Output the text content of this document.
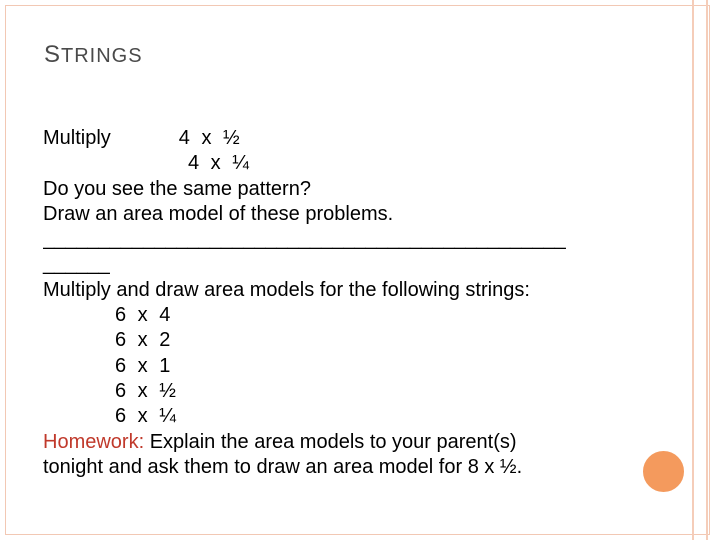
STRINGS
Multiply	4 x ½
4 x ¼
Do you see the same pattern?
Draw an area model of these problems.
_______________________________________________
______
Multiply and draw area models for the following strings:
6 x 4
6 x 2
6 x 1
6 x ½
6 x ¼
Homework: Explain the area models to your parent(s)
tonight and ask them to draw an area model for 8 x ½.
